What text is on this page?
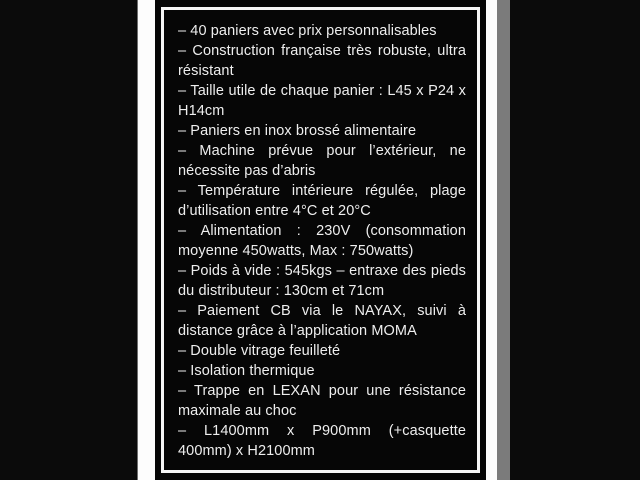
– 40 paniers avec prix personnalisables

– Construction française très robuste, ultra résistant

– Taille utile de chaque panier : L45 x P24 x H14cm

– Paniers en inox brossé alimentaire

– Machine prévue pour l’extérieur, ne nécessite pas d’abris

– Température intérieure régulée, plage d’utilisation entre 4°C et 20°C

– Alimentation : 230V (consommation moyenne 450watts, Max : 750watts)

– Poids à vide : 545kgs – entraxe des pieds du distributeur : 130cm et 71cm

– Paiement CB via le NAYAX, suivi à distance grâce à l’application MOMA

– Double vitrage feuilleté

– Isolation thermique

– Trappe en LEXAN pour une résistance maximale au choc

– L1400mm x P900mm (+casquette 400mm) x H2100mm
